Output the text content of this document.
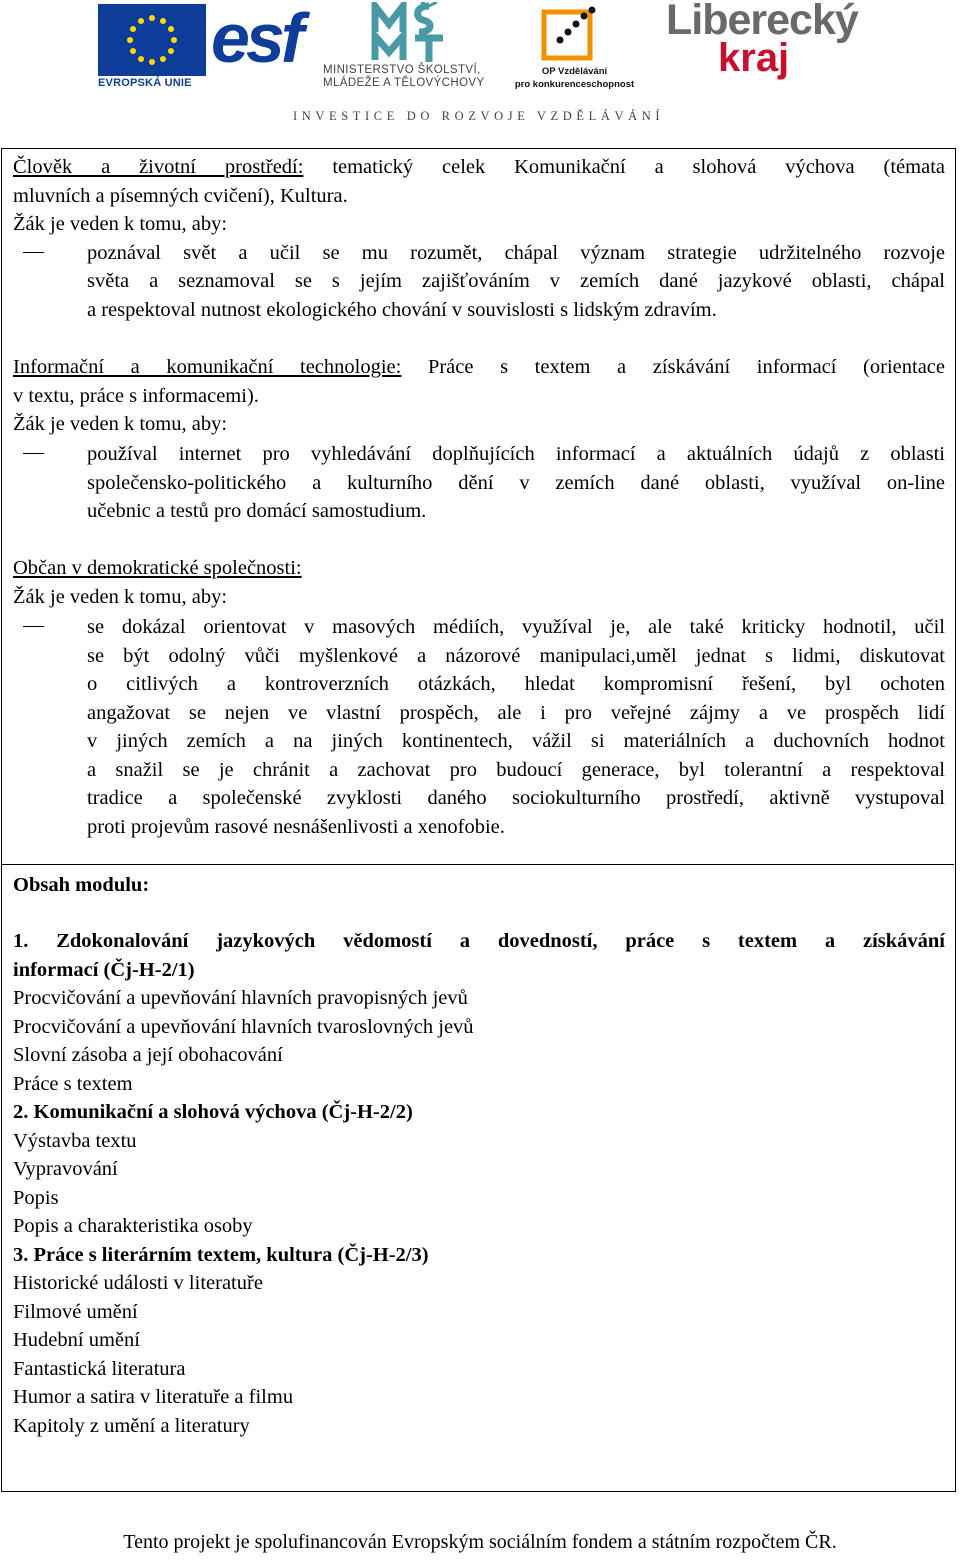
EVROPSKÁ UNIE
esf MINISTERSTVO ŠKOLSTVÍ,
MLÁDEŽE A TĚLOVÝCHOVY
OP Vzdělávání
pro konkurenceschopnost
Liberecký
kraj
INVESTICE DO ROZVOJE VZDĚLÁVÁNÍ
Člověk a životní prostředí: tematický celek Komunikační a slohová výchova (témata
mluvních a písemných cvičení), Kultura.
Žák je veden k tomu, aby:
poznával svět a učil se mu rozumět, chápal význam strategie udržitelného rozvoje
světa a seznamoval se s jejím zajišťováním v zemích dané jazykové oblasti, chápal
a respektoval nutnost ekologického chování v souvislosti s lidským zdravím.
Informační a komunikační technologie: Práce s textem a získávání informací (orientace
v textu, práce s informacemi).
Žák je veden k tomu, aby:
používal internet pro vyhledávání doplňujících informací a aktuálních údajů z oblasti
společensko-politického a kulturního dění v zemích dané oblasti, využíval on-line
učebnic a testů pro domácí samostudium.
Občan v demokratické společnosti:
Žák je veden k tomu, aby:
se dokázal orientovat v masových médiích, využíval je, ale také kriticky hodnotil, učil
se být odolný vůči myšlenkové a názorové manipulaci,uměl jednat s lidmi, diskutovat
o citlivých a kontroverzních otázkách, hledat kompromisní řešení, byl ochoten
angažovat se nejen ve vlastní prospěch, ale i pro veřejné zájmy a ve prospěch lidí
v jiných zemích a na jiných kontinentech, vážil si materiálních a duchovních hodnot
a snažil se je chránit a zachovat pro budoucí generace, byl tolerantní a respektoval
tradice a společenské zvyklosti daného sociokulturního prostředí, aktivně vystupoval
proti projevům rasové nesnášenlivosti a xenofobie.
Obsah modulu:
1. Zdokonalování jazykových vědomostí a dovedností, práce s textem a získávání
informací (Čj-H-2/1)
Procvičování a upevňování hlavních pravopisných jevů
Procvičování a upevňování hlavních tvaroslovných jevů
Slovní zásoba a její obohacování
Práce s textem
2. Komunikační a slohová výchova (Čj-H-2/2)
Výstavba textu
Vypravování
Popis
Popis a charakteristika osoby
3. Práce s literárním textem, kultura (Čj-H-2/3)
Historické události v literatuře
Filmové umění
Hudební umění
Fantastická literatura
Humor a satira v literatuře a filmu
Kapitoly z umění a literatury
Tento projekt je spolufinancován Evropským sociálním fondem a státním rozpočtem ČR.
